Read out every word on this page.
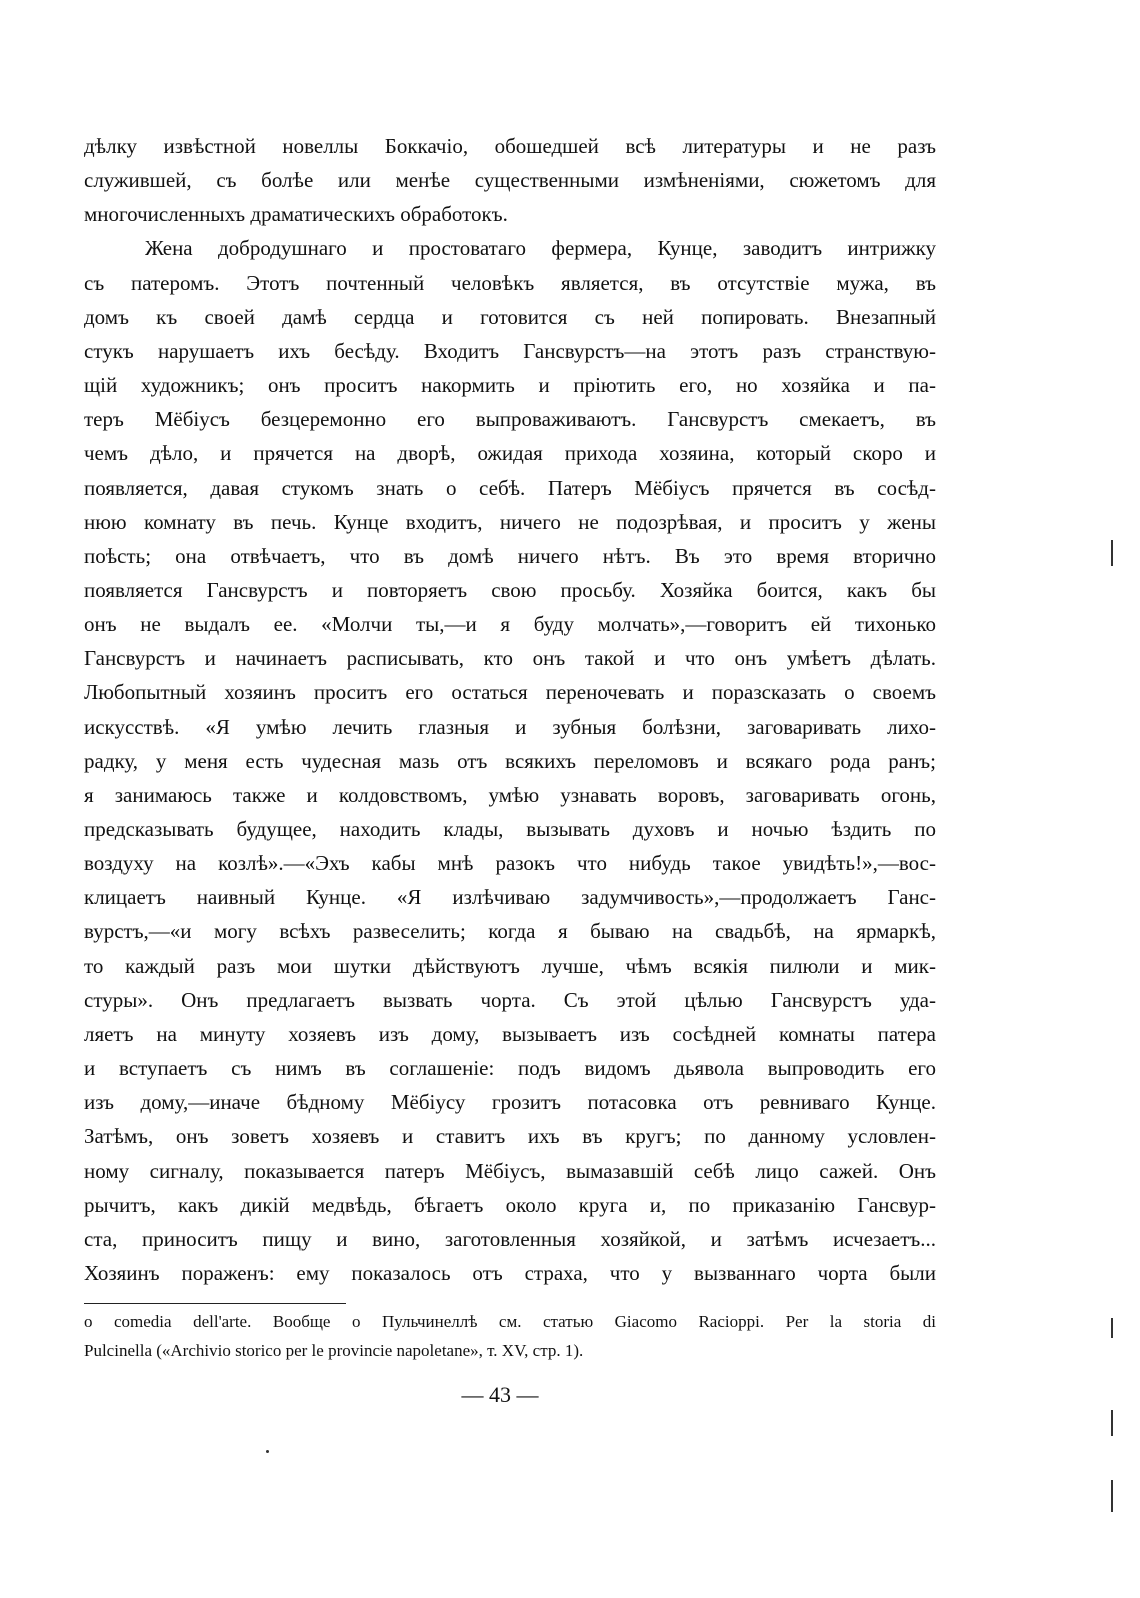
дѣлку извѣстной новеллы Боккачіо, обошедшей всѣ литературы и не разъ
служившей, съ болѣе или менѣе существенными измѣненіями, сюжетомъ для
многочисленныхъ драматическихъ обработокъ.
Жена добродушнаго и простоватаго фермера, Кунце, заводитъ интрижку
съ патеромъ. Этотъ почтенный человѣкъ является, въ отсутствіе мужа, въ
домъ къ своей дамѣ сердца и готовится съ ней попировать. Внезапный
стукъ нарушаетъ ихъ бесѣду. Входитъ Гансвурстъ—на этотъ разъ странствую-
щій художникъ; онъ проситъ накормить и пріютить его, но хозяйка и па-
теръ Мёбіусъ безцеремонно его выпроваживаютъ. Гансвурстъ смекаетъ, въ
чемъ дѣло, и прячется на дворѣ, ожидая прихода хозяина, который скоро и
появляется, давая стукомъ знать о себѣ. Патеръ Мёбіусъ прячется въ сосѣд-
нюю комнату въ печь. Кунце входитъ, ничего не подозрѣвая, и проситъ у жены
поѣсть; она отвѣчаетъ, что въ домѣ ничего нѣтъ. Въ это время вторично
появляется Гансвурстъ и повторяетъ свою просьбу. Хозяйка боится, какъ бы
онъ не выдалъ ее. «Молчи ты,—и я буду молчать»,—говоритъ ей тихонько
Гансвурстъ и начинаетъ расписывать, кто онъ такой и что онъ умѣетъ дѣлать.
Любопытный хозяинъ проситъ его остаться переночевать и поразсказать о своемъ
искусствѣ. «Я умѣю лечить глазныя и зубныя болѣзни, заговаривать лихо-
радку, у меня есть чудесная мазь отъ всякихъ переломовъ и всякаго рода ранъ;
я занимаюсь также и колдовствомъ, умѣю узнавать воровъ, заговаривать огонь,
предсказывать будущее, находить клады, вызывать духовъ и ночью ѣздить по
воздуху на козлѣ».—«Эхъ кабы мнѣ разокъ что нибудь такое увидѣть!»,—вос-
клицаетъ наивный Кунце. «Я излѣчиваю задумчивость»,—продолжаетъ Ганс-
вурстъ,—«и могу всѣхъ развеселить; когда я бываю на свадьбѣ, на ярмаркѣ,
то каждый разъ мои шутки дѣйствуютъ лучше, чѣмъ всякія пилюли и мик-
стуры». Онъ предлагаетъ вызвать чорта. Съ этой цѣлью Гансвурстъ уда-
ляетъ на минуту хозяевъ изъ дому, вызываетъ изъ сосѣдней комнаты патера
и вступаетъ съ нимъ въ соглашеніе: подъ видомъ дьявола выпроводить его
изъ дому,—иначе бѣдному Мёбіусу грозитъ потасовка отъ ревниваго Кунце.
Затѣмъ, онъ зоветъ хозяевъ и ставитъ ихъ въ кругъ; по данному условлен-
ному сигналу, показывается патеръ Мёбіусъ, вымазавшій себѣ лицо сажей. Онъ
рычитъ, какъ дикій медвѣдь, бѣгаетъ около круга и, по приказанію Гансвур-
ста, приноситъ пищу и вино, заготовленныя хозяйкой, и затѣмъ исчезаетъ...
Хозяинъ пораженъ: ему показалось отъ страха, что у вызваннаго чорта были
o comedia dell'arte. Вообще о Пульчинеллѣ см. статью Giacomo Racioppi. Per la storia di
Pulcinella («Archivio storico per le provincie napoletane», т. XV, стр. 1).
— 43 —
